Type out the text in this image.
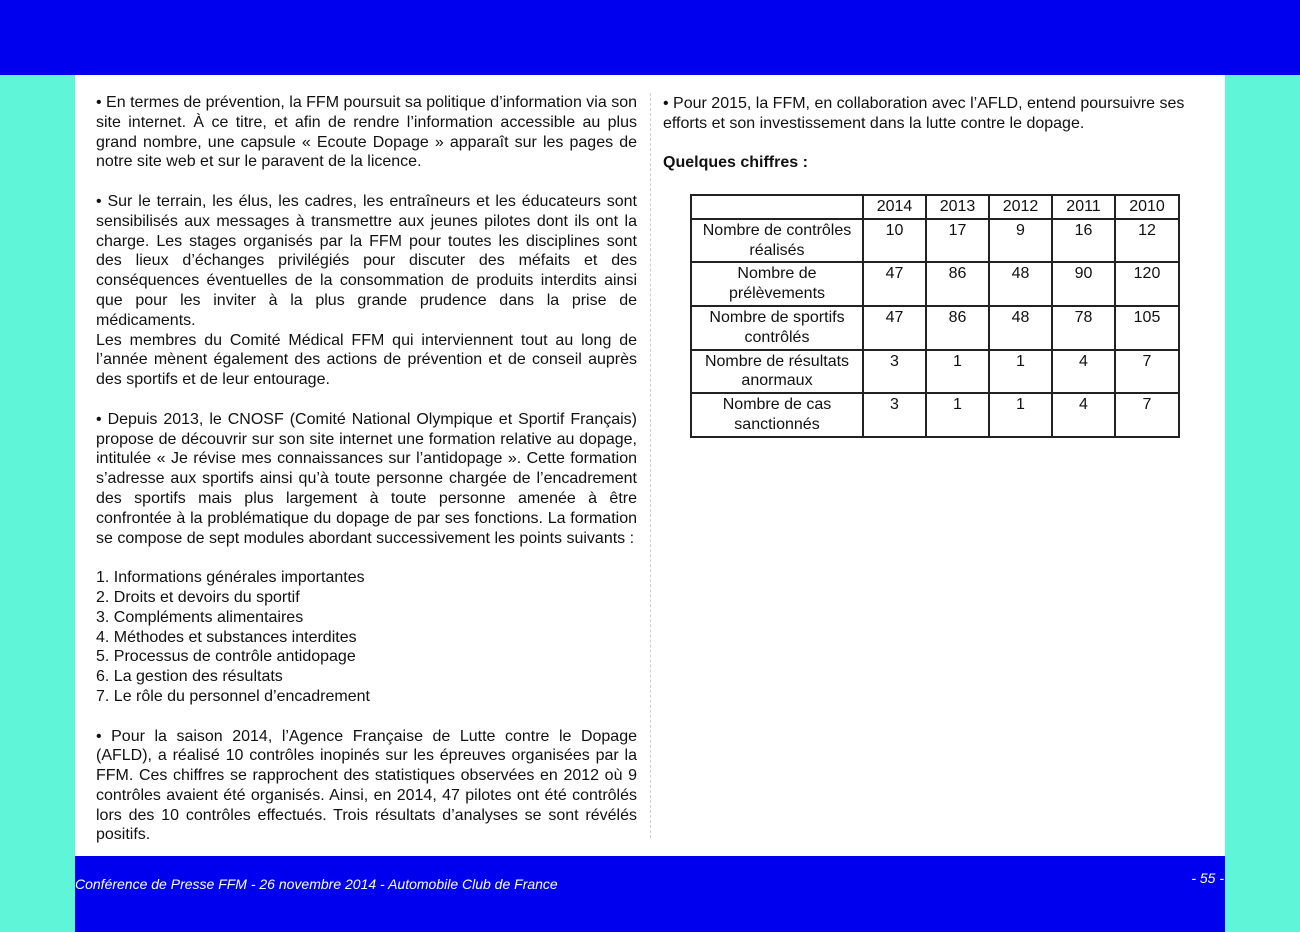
• En termes de prévention, la FFM poursuit sa politique d’information via son site internet. À ce titre, et afin de rendre l’information accessible au plus grand nombre, une capsule « Ecoute Dopage » apparaît sur les pages de notre site web et sur le paravent de la licence.

• Sur le terrain, les élus, les cadres, les entraîneurs et les éducateurs sont sensibilisés aux messages à transmettre aux jeunes pilotes dont ils ont la charge. Les stages organisés par la FFM pour toutes les disciplines sont des lieux d’échanges privilégiés pour discuter des méfaits et des conséquences éventuelles de la consommation de produits interdits ainsi que pour les inviter à la plus grande prudence dans la prise de médicaments.

Les membres du Comité Médical FFM qui interviennent tout au long de l’année mènent également des actions de prévention et de conseil auprès des sportifs et de leur entourage.

• Depuis 2013, le CNOSF (Comité National Olympique et Sportif Français) propose de découvrir sur son site internet une formation relative au dopage, intitulée « Je révise mes connaissances sur l’antidopage ». Cette formation s’adresse aux sportifs ainsi qu’à toute personne chargée de l’encadrement des sportifs mais plus largement à toute personne amenée à être confrontée à la problématique du dopage de par ses fonctions. La formation se compose de sept modules abordant successivement les points suivants :

1. Informations générales importantes
2. Droits et devoirs du sportif
3. Compléments alimentaires
4. Méthodes et substances interdites
5. Processus de contrôle antidopage
6. La gestion des résultats
7. Le rôle du personnel d’encadrement

• Pour la saison 2014, l’Agence Française de Lutte contre le Dopage (AFLD), a réalisé 10 contrôles inopinés sur les épreuves organisées par la FFM. Ces chiffres se rapprochent des statistiques observées en 2012 où 9 contrôles avaient été organisés. Ainsi, en 2014, 47 pilotes ont été contrôlés lors des 10 contrôles effectués. Trois résultats d’analyses se sont révélés positifs.

• Pour 2015, la FFM, en collaboration avec l’AFLD, entend poursuivre ses efforts et son investissement dans la lutte contre le dopage.

Quelques chiffres :

	2014	2013	2012	2011	2010
Nombre de contrôles réalisés	10	17	9	16	12
Nombre de prélèvements	47	86	48	90	120
Nombre de sportifs contrôlés	47	86	48	78	105
Nombre de résultats anormaux	3	1	1	4	7
Nombre de cas sanctionnés	3	1	1	4	7
Conférence de Presse FFM - 26 novembre 2014 - Automobile Club de France	- 55 -
